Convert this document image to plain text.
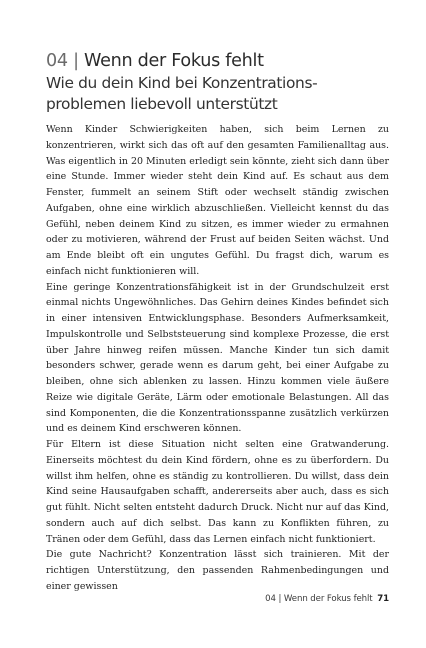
04 | Wenn der Fokus fehlt
Wie du dein Kind bei Konzentrations-
problemen liebevoll unterstützt

Wenn Kinder Schwierigkeiten haben, sich beim Lernen zu konzentrieren, wirkt sich das oft auf den gesamten Familienalltag aus. Was eigentlich in 20 Minuten erledigt sein könnte, zieht sich dann über eine Stunde. Immer wieder steht dein Kind auf. Es schaut aus dem Fenster, fummelt an seinem Stift oder wechselt ständig zwischen Aufgaben, ohne eine wirklich abzuschließen. Vielleicht kennst du das Gefühl, neben deinem Kind zu sitzen, es immer wieder zu ermahnen oder zu motivieren, während der Frust auf beiden Seiten wächst. Und am Ende bleibt oft ein ungutes Gefühl. Du fragst dich, warum es einfach nicht funktionieren will.

Eine geringe Konzentrationsfähigkeit ist in der Grundschulzeit erst einmal nichts Ungewöhnliches. Das Gehirn deines Kindes befindet sich in einer intensiven Entwicklungsphase. Besonders Aufmerksamkeit, Impulskontrolle und Selbststeuerung sind komplexe Prozesse, die erst über Jahre hinweg reifen müssen. Manche Kinder tun sich damit besonders schwer, gerade wenn es darum geht, bei einer Aufgabe zu bleiben, ohne sich ablenken zu lassen. Hinzu kommen viele äußere Reize wie digitale Geräte, Lärm oder emotionale Belastungen. All das sind Komponenten, die die Konzentrationsspanne zusätzlich verkürzen und es deinem Kind erschweren können.

Für Eltern ist diese Situation nicht selten eine Gratwanderung. Einerseits möchtest du dein Kind fördern, ohne es zu überfordern. Du willst ihm helfen, ohne es ständig zu kontrollieren. Du willst, dass dein Kind seine Hausaufgaben schafft, andererseits aber auch, dass es sich gut fühlt. Nicht selten entsteht dadurch Druck. Nicht nur auf das Kind, sondern auch auf dich selbst. Das kann zu Konflikten führen, zu Tränen oder dem Gefühl, dass das Lernen einfach nicht funktioniert.

Die gute Nachricht? Konzentration lässt sich trainieren. Mit der richtigen Unterstützung, den passenden Rahmenbedingungen und einer gewissen

04 | Wenn der Fokus fehlt 71
